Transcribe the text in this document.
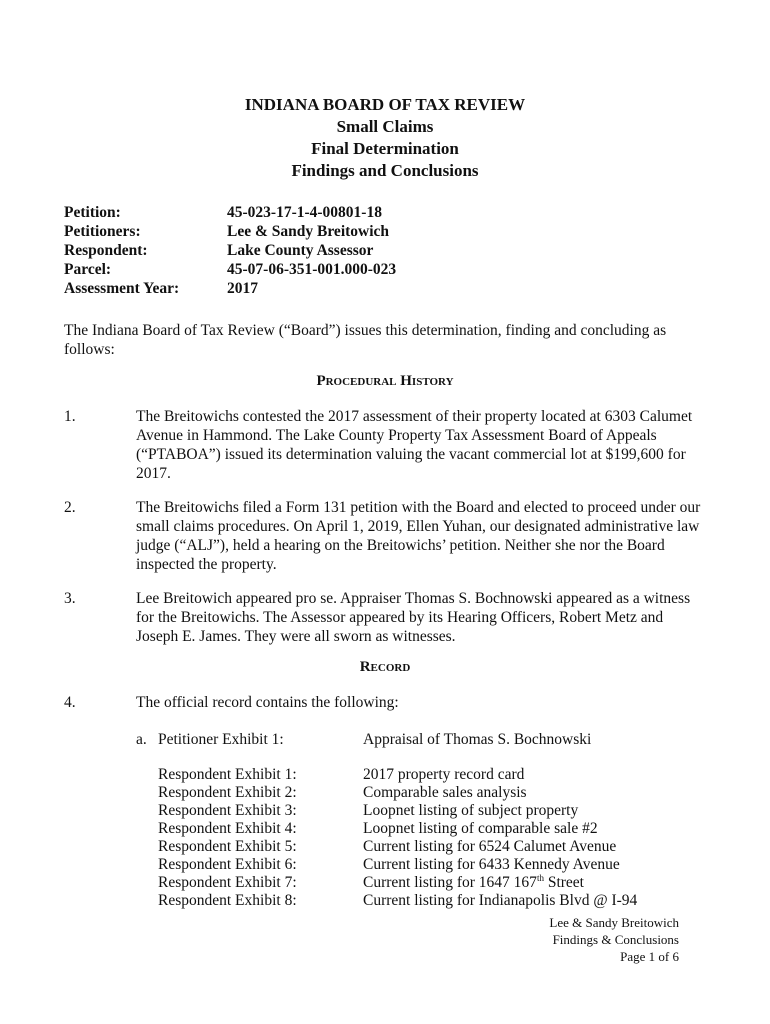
INDIANA BOARD OF TAX REVIEW
Small Claims
Final Determination
Findings and Conclusions
Petition:	45-023-17-1-4-00801-18
Petitioners:	Lee & Sandy Breitowich
Respondent:	Lake County Assessor
Parcel:	45-07-06-351-001.000-023
Assessment Year:	2017
The Indiana Board of Tax Review (“Board”) issues this determination, finding and concluding as follows:
Procedural History
1.	The Breitowichs contested the 2017 assessment of their property located at 6303 Calumet Avenue in Hammond. The Lake County Property Tax Assessment Board of Appeals (“PTABOA”) issued its determination valuing the vacant commercial lot at $199,600 for 2017.
2.	The Breitowichs filed a Form 131 petition with the Board and elected to proceed under our small claims procedures. On April 1, 2019, Ellen Yuhan, our designated administrative law judge (“ALJ”), held a hearing on the Breitowichs’ petition. Neither she nor the Board inspected the property.
3.	Lee Breitowich appeared pro se. Appraiser Thomas S. Bochnowski appeared as a witness for the Breitowichs. The Assessor appeared by its Hearing Officers, Robert Metz and Joseph E. James. They were all sworn as witnesses.
Record
4.	The official record contains the following:
a. Petitioner Exhibit 1:	Appraisal of Thomas S. Bochnowski
Respondent Exhibit 1:	2017 property record card
Respondent Exhibit 2:	Comparable sales analysis
Respondent Exhibit 3:	Loopnet listing of subject property
Respondent Exhibit 4:	Loopnet listing of comparable sale #2
Respondent Exhibit 5:	Current listing for 6524 Calumet Avenue
Respondent Exhibit 6:	Current listing for 6433 Kennedy Avenue
Respondent Exhibit 7:	Current listing for 1647 167th Street
Respondent Exhibit 8:	Current listing for Indianapolis Blvd @ I-94
Lee & Sandy Breitowich
Findings & Conclusions
Page 1 of 6
